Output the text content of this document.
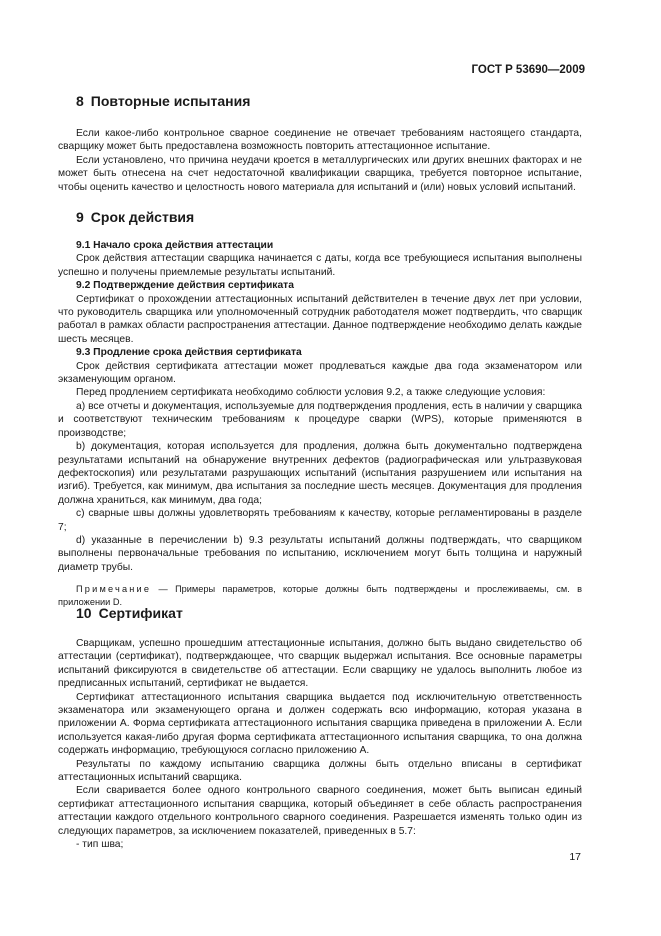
ГОСТ Р 53690—2009
8 Повторные испытания

Если какое-либо контрольное сварное соединение не отвечает требованиям настоящего стандарта, сварщику может быть предоставлена возможность повторить аттестационное испытание.

Если установлено, что причина неудачи кроется в металлургических или других внешних факторах и не может быть отнесена на счет недостаточной квалификации сварщика, требуется повторное испытание, чтобы оценить качество и целостность нового материала для испытаний и (или) новых условий испытаний.

9 Срок действия

9.1 Начало срока действия аттестации

Срок действия аттестации сварщика начинается с даты, когда все требующиеся испытания выполнены успешно и получены приемлемые результаты испытаний.

9.2 Подтверждение действия сертификата

Сертификат о прохождении аттестационных испытаний действителен в течение двух лет при условии, что руководитель сварщика или уполномоченный сотрудник работодателя может подтвердить, что сварщик работал в рамках области распространения аттестации. Данное подтверждение необходимо делать каждые шесть месяцев.

9.3 Продление срока действия сертификата

Срок действия сертификата аттестации может продлеваться каждые два года экзаменатором или экзаменующим органом.

Перед продлением сертификата необходимо соблюсти условия 9.2, а также следующие условия:

a) все отчеты и документация, используемые для подтверждения продления, есть в наличии у сварщика и соответствуют техническим требованиям к процедуре сварки (WPS), которые применяются в производстве;

b) документация, которая используется для продления, должна быть документально подтверждена результатами испытаний на обнаружение внутренних дефектов (радиографическая или ультразвуковая дефектоскопия) или результатами разрушающих испытаний (испытания разрушением или испытания на изгиб). Требуется, как минимум, два испытания за последние шесть месяцев. Документация для продления должна храниться, как минимум, два года;

c) сварные швы должны удовлетворять требованиям к качеству, которые регламентированы в разделе 7;

d) указанные в перечислении b) 9.3 результаты испытаний должны подтверждать, что сварщиком выполнены первоначальные требования по испытанию, исключением могут быть толщина и наружный диаметр трубы.

Примечание — Примеры параметров, которые должны быть подтверждены и прослеживаемы, см. в приложении D.

10 Сертификат

Сварщикам, успешно прошедшим аттестационные испытания, должно быть выдано свидетельство об аттестации (сертификат), подтверждающее, что сварщик выдержал испытания. Все основные параметры испытаний фиксируются в свидетельстве об аттестации. Если сварщику не удалось выполнить любое из предписанных испытаний, сертификат не выдается.

Сертификат аттестационного испытания сварщика выдается под исключительную ответственность экзаменатора или экзаменующего органа и должен содержать всю информацию, которая указана в приложении А. Форма сертификата аттестационного испытания сварщика приведена в приложении А. Если используется какая-либо другая форма сертификата аттестационного испытания сварщика, то она должна содержать информацию, требующуюся согласно приложению А.

Результаты по каждому испытанию сварщика должны быть отдельно вписаны в сертификат аттестационных испытаний сварщика.

Если сваривается более одного контрольного сварного соединения, может быть выписан единый сертификат аттестационного испытания сварщика, который объединяет в себе область распространения аттестации каждого отдельного контрольного сварного соединения. Разрешается изменять только один из следующих параметров, за исключением показателей, приведенных в 5.7:

- тип шва;

17
